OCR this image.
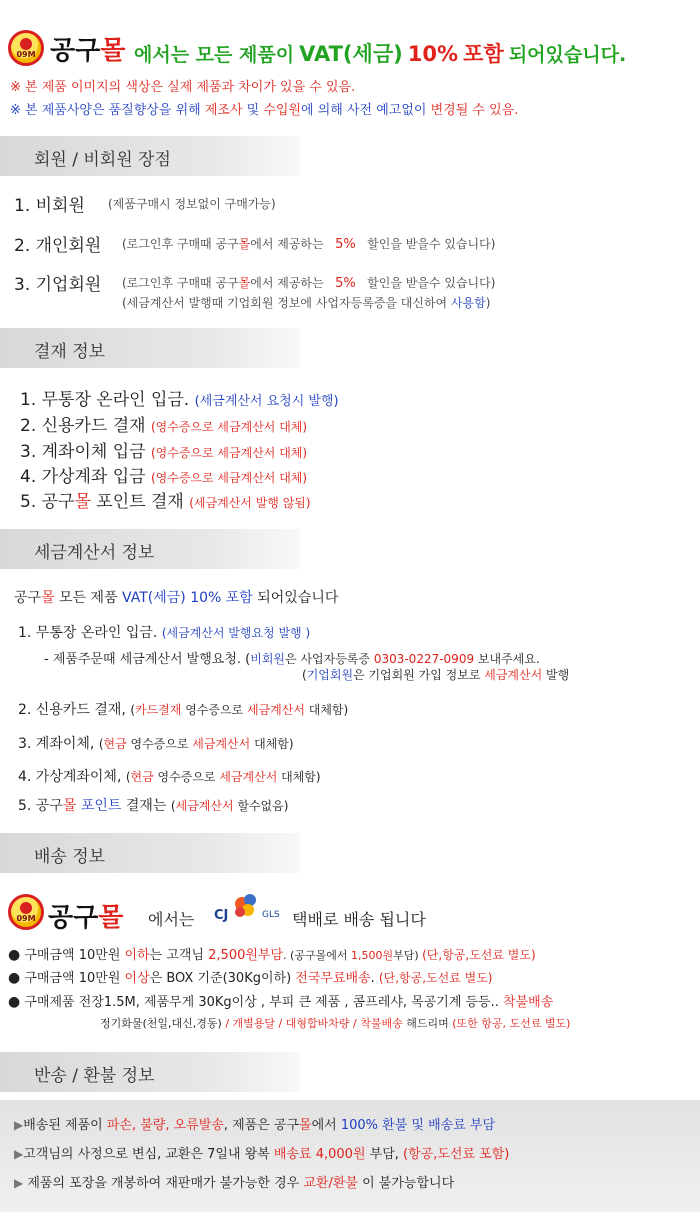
09M 공구몰 에서는 모든 제품이 VAT(세금) 10% 포함 되어있습니다.
※ 본 제품 이미지의 색상은 실제 제품과 차이가 있을 수 있음.
※ 본 제품사양은 품질향상을 위해 제조사 및 수입원에 의해 사전 예고없이 변경될 수 있음.
회원 / 비회원 장점
1. 비회원 (제품구매시 정보없이 구매가능)
2. 개인회원 (로그인후 구매때 공구몰에서 제공하는 5% 할인을 받을수 있습니다)
3. 기업회원 (로그인후 구매때 공구몰에서 제공하는 5% 할인을 받을수 있습니다)
(세금계산서 발행때 기업회원 정보에 사업자등록증을 대신하여 사용함)
결재 정보
1. 무통장 온라인 입금. (세금계산서 요청시 발행)
2. 신용카드 결재 (영수증으로 세금계산서 대체)
3. 계좌이체 입금 (영수증으로 세금계산서 대체)
4. 가상계좌 입금 (영수증으로 세금계산서 대체)
5. 공구몰 포인트 결재 (세금계산서 발행 않됨)
세금계산서 정보
공구몰 모든 제품 VAT(세금) 10% 포함 되어있습니다
1. 무통장 온라인 입금. (세금계산서 발행요청 발행 )
- 제품주문때 세금계산서 발행요청. (비회원은 사업자등록증 0303-0227-0909 보내주세요.
(기업회원은 기업회원 가입 정보로 세금계산서 발행
2. 신용카드 결재, (카드결재 영수증으로 세금계산서 대체함)
3. 계좌이체, (현금 영수증으로 세금계산서 대체함)
4. 가상계좌이체, (현금 영수증으로 세금계산서 대체함)
5. 공구몰 포인트 결재는 (세금계산서 할수없음)
배송 정보
09M 공구몰 에서는 CJ	GLS 택배로 배송 됩니다
● 구매금액 10만원 이하는 고객님 2,500원부담. (공구몰에서 1,500원부담) (단,항공,도선료 별도)
● 구매금액 10만원 이상은 BOX 기준(30Kg이하) 전국무료배송. (단,항공,도선료 별도)
● 구매제품 전장1.5M, 제품무게 30Kg이상 , 부피 큰 제품 , 콤프레샤, 목공기계 등등.. 착불배송
정기화물(천일,대신,경동) / 개별용달 / 대형합바차량 / 착불배송 해드리며 (또한 항공, 도선료 별도)
반송 / 환불 정보
▶배송된 제품이 파손, 불량, 오류발송, 제품은 공구몰에서 100% 환불 및 배송료 부담
▶고객님의 사정으로 변심, 교환은 7일내 왕복 배송료 4,000원 부담, (항공,도선료 포함)
▶ 제품의 포장을 개봉하여 재판매가 불가능한 경우 교환/환불 이 불가능합니다
